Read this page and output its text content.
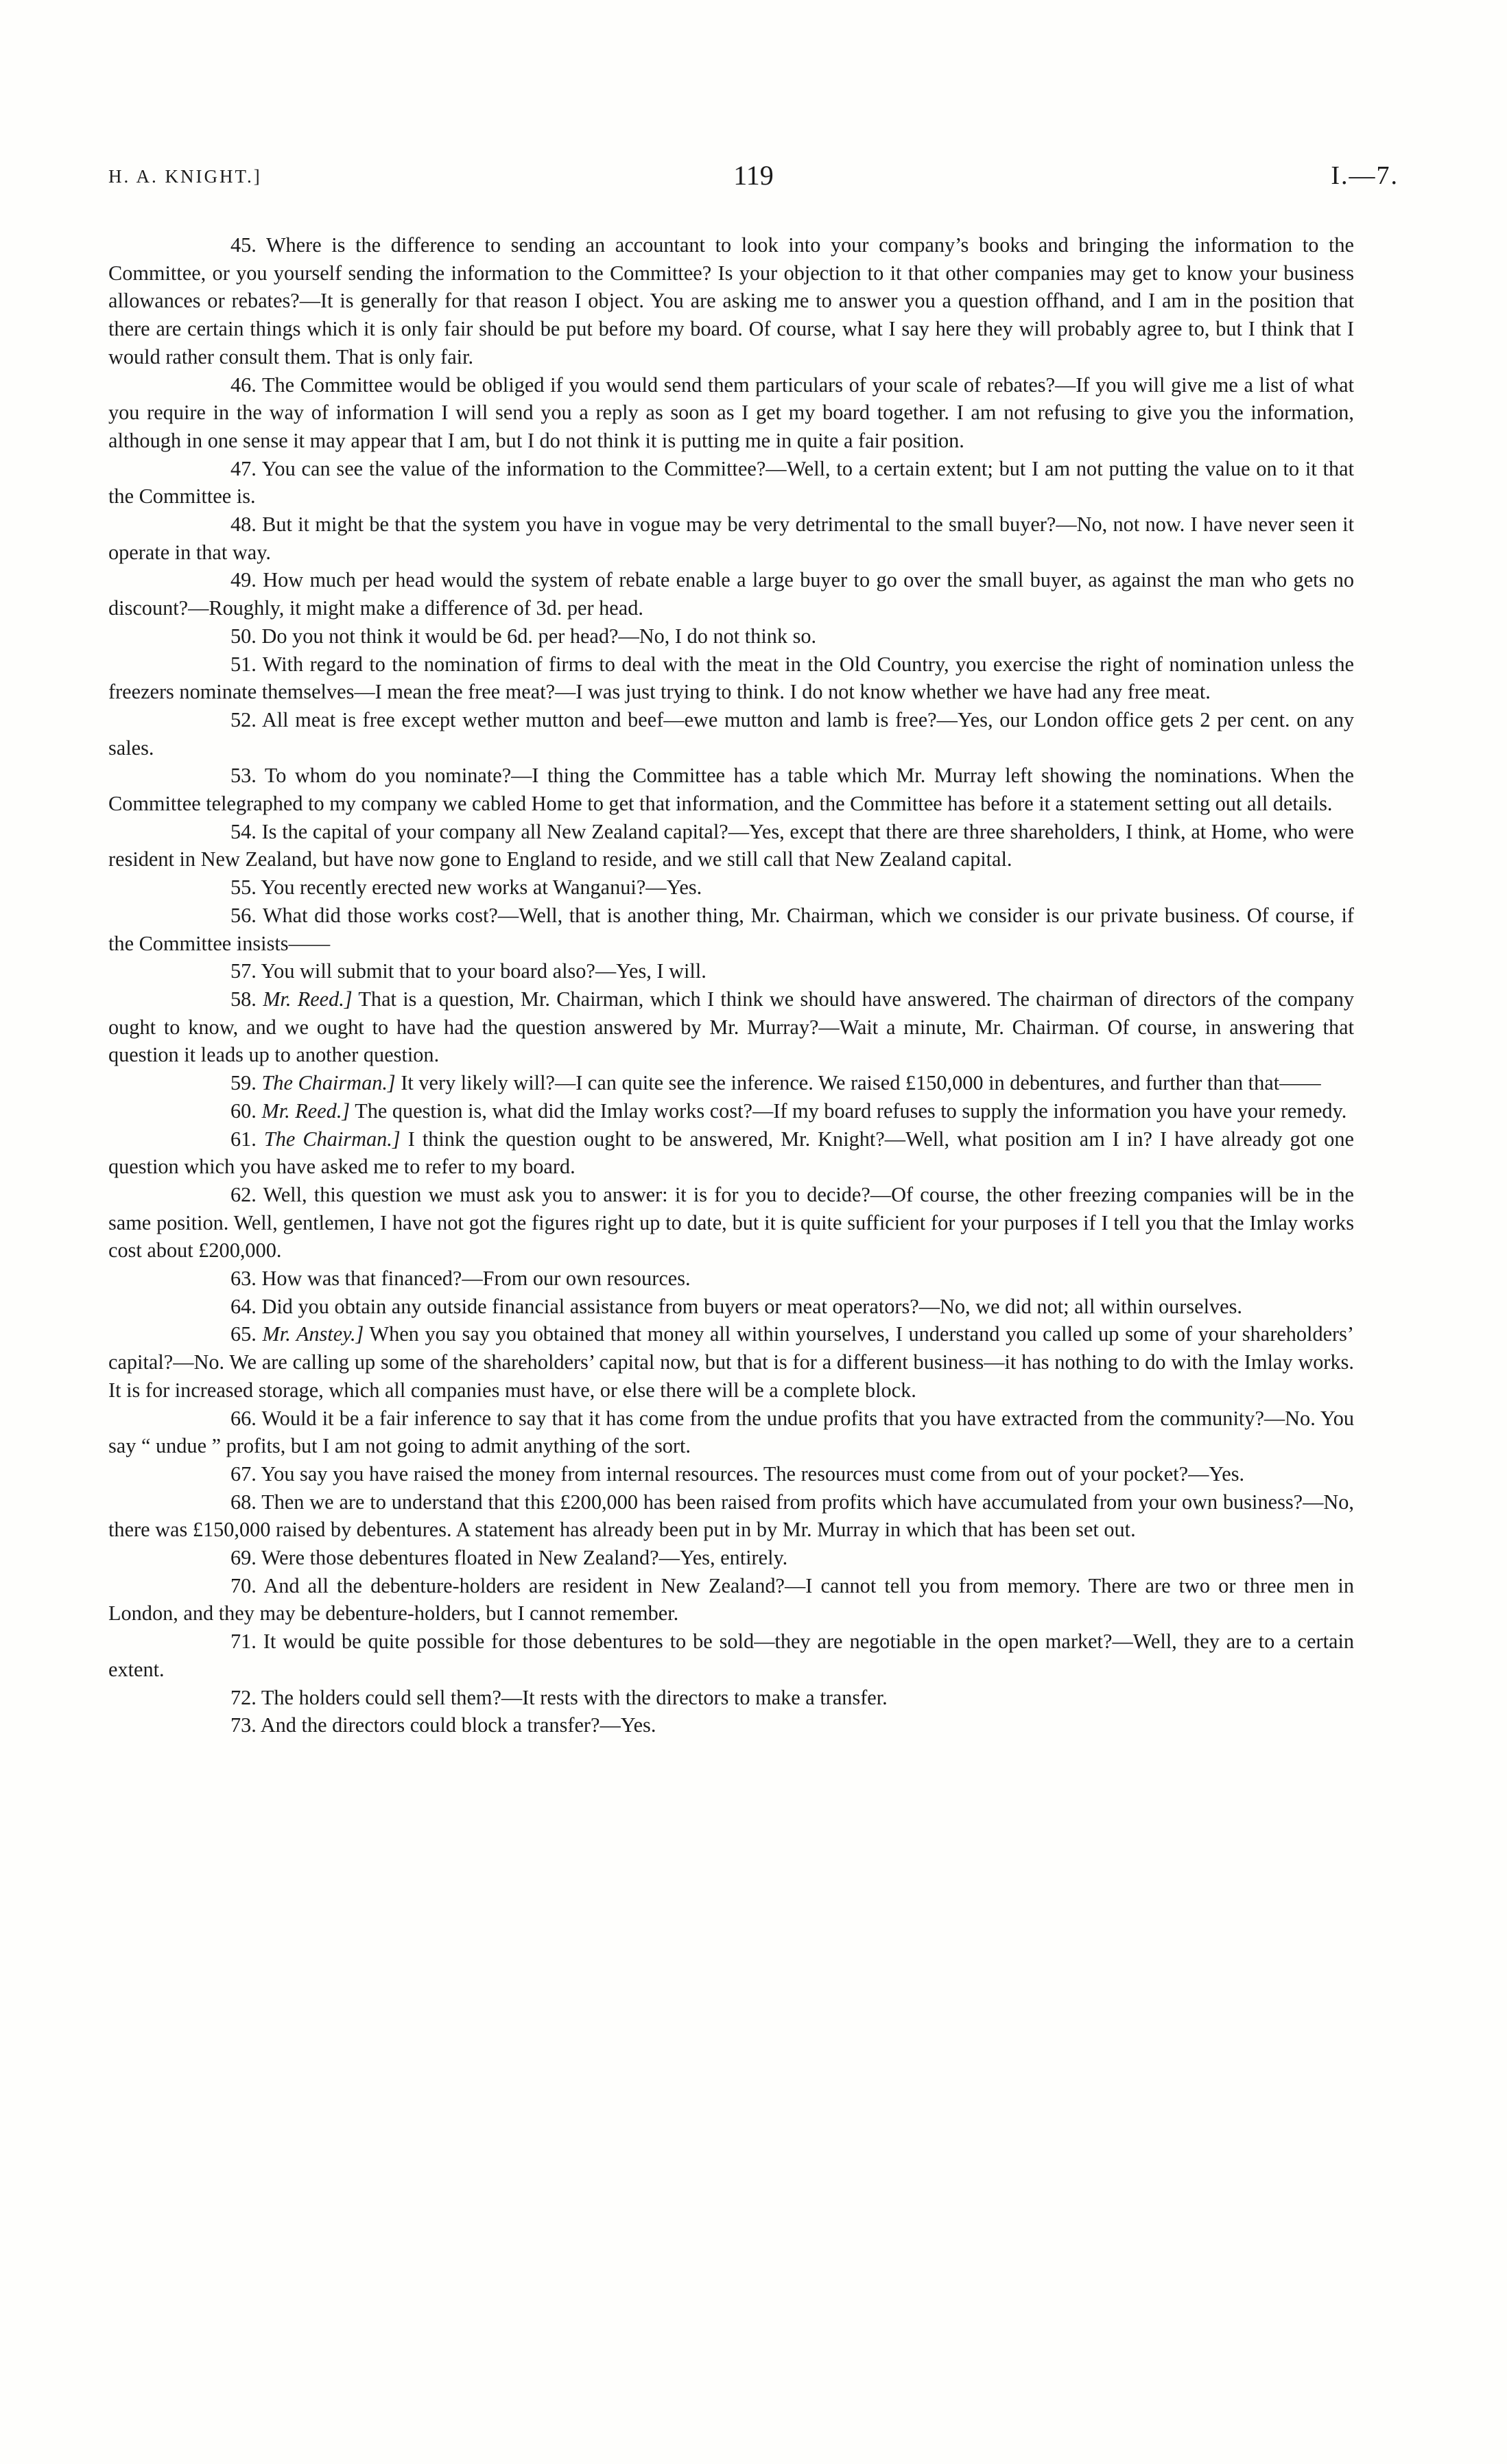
H. A. KNIGHT.]	119	I.—7.

45. Where is the difference to sending an accountant to look into your company’s books and bringing the information to the Committee, or you yourself sending the information to the Committee? Is your objection to it that other companies may get to know your business allowances or rebates?—It is generally for that reason I object. You are asking me to answer you a question offhand, and I am in the position that there are certain things which it is only fair should be put before my board. Of course, what I say here they will probably agree to, but I think that I would rather consult them. That is only fair.

46. The Committee would be obliged if you would send them particulars of your scale of rebates?—If you will give me a list of what you require in the way of information I will send you a reply as soon as I get my board together. I am not refusing to give you the information, although in one sense it may appear that I am, but I do not think it is putting me in quite a fair position.

47. You can see the value of the information to the Committee?—Well, to a certain extent; but I am not putting the value on to it that the Committee is.

48. But it might be that the system you have in vogue may be very detrimental to the small buyer?—No, not now. I have never seen it operate in that way.

49. How much per head would the system of rebate enable a large buyer to go over the small buyer, as against the man who gets no discount?—Roughly, it might make a difference of 3d. per head.

50. Do you not think it would be 6d. per head?—No, I do not think so.

51. With regard to the nomination of firms to deal with the meat in the Old Country, you exercise the right of nomination unless the freezers nominate themselves—I mean the free meat?—I was just trying to think. I do not know whether we have had any free meat.

52. All meat is free except wether mutton and beef—ewe mutton and lamb is free?—Yes, our London office gets 2 per cent. on any sales.

53. To whom do you nominate?—I thing the Committee has a table which Mr. Murray left showing the nominations. When the Committee telegraphed to my company we cabled Home to get that information, and the Committee has before it a statement setting out all details.

54. Is the capital of your company all New Zealand capital?—Yes, except that there are three shareholders, I think, at Home, who were resident in New Zealand, but have now gone to England to reside, and we still call that New Zealand capital.

55. You recently erected new works at Wanganui?—Yes.

56. What did those works cost?—Well, that is another thing, Mr. Chairman, which we consider is our private business. Of course, if the Committee insists——

57. You will submit that to your board also?—Yes, I will.

58. Mr. Reed.] That is a question, Mr. Chairman, which I think we should have answered. The chairman of directors of the company ought to know, and we ought to have had the question answered by Mr. Murray?—Wait a minute, Mr. Chairman. Of course, in answering that question it leads up to another question.

59. The Chairman.] It very likely will?—I can quite see the inference. We raised £150,000 in debentures, and further than that——

60. Mr. Reed.] The question is, what did the Imlay works cost?—If my board refuses to supply the information you have your remedy.

61. The Chairman.] I think the question ought to be answered, Mr. Knight?—Well, what position am I in? I have already got one question which you have asked me to refer to my board.

62. Well, this question we must ask you to answer: it is for you to decide?—Of course, the other freezing companies will be in the same position. Well, gentlemen, I have not got the figures right up to date, but it is quite sufficient for your purposes if I tell you that the Imlay works cost about £200,000.

63. How was that financed?—From our own resources.

64. Did you obtain any outside financial assistance from buyers or meat operators?—No, we did not; all within ourselves.

65. Mr. Anstey.] When you say you obtained that money all within yourselves, I understand you called up some of your shareholders’ capital?—No. We are calling up some of the shareholders’ capital now, but that is for a different business—it has nothing to do with the Imlay works. It is for increased storage, which all companies must have, or else there will be a complete block.

66. Would it be a fair inference to say that it has come from the undue profits that you have extracted from the community?—No. You say “ undue ” profits, but I am not going to admit anything of the sort.

67. You say you have raised the money from internal resources. The resources must come from out of your pocket?—Yes.

68. Then we are to understand that this £200,000 has been raised from profits which have accumulated from your own business?—No, there was £150,000 raised by debentures. A statement has already been put in by Mr. Murray in which that has been set out.

69. Were those debentures floated in New Zealand?—Yes, entirely.

70. And all the debenture-holders are resident in New Zealand?—I cannot tell you from memory. There are two or three men in London, and they may be debenture-holders, but I cannot remember.

71. It would be quite possible for those debentures to be sold—they are negotiable in the open market?—Well, they are to a certain extent.

72. The holders could sell them?—It rests with the directors to make a transfer.

73. And the directors could block a transfer?—Yes.
